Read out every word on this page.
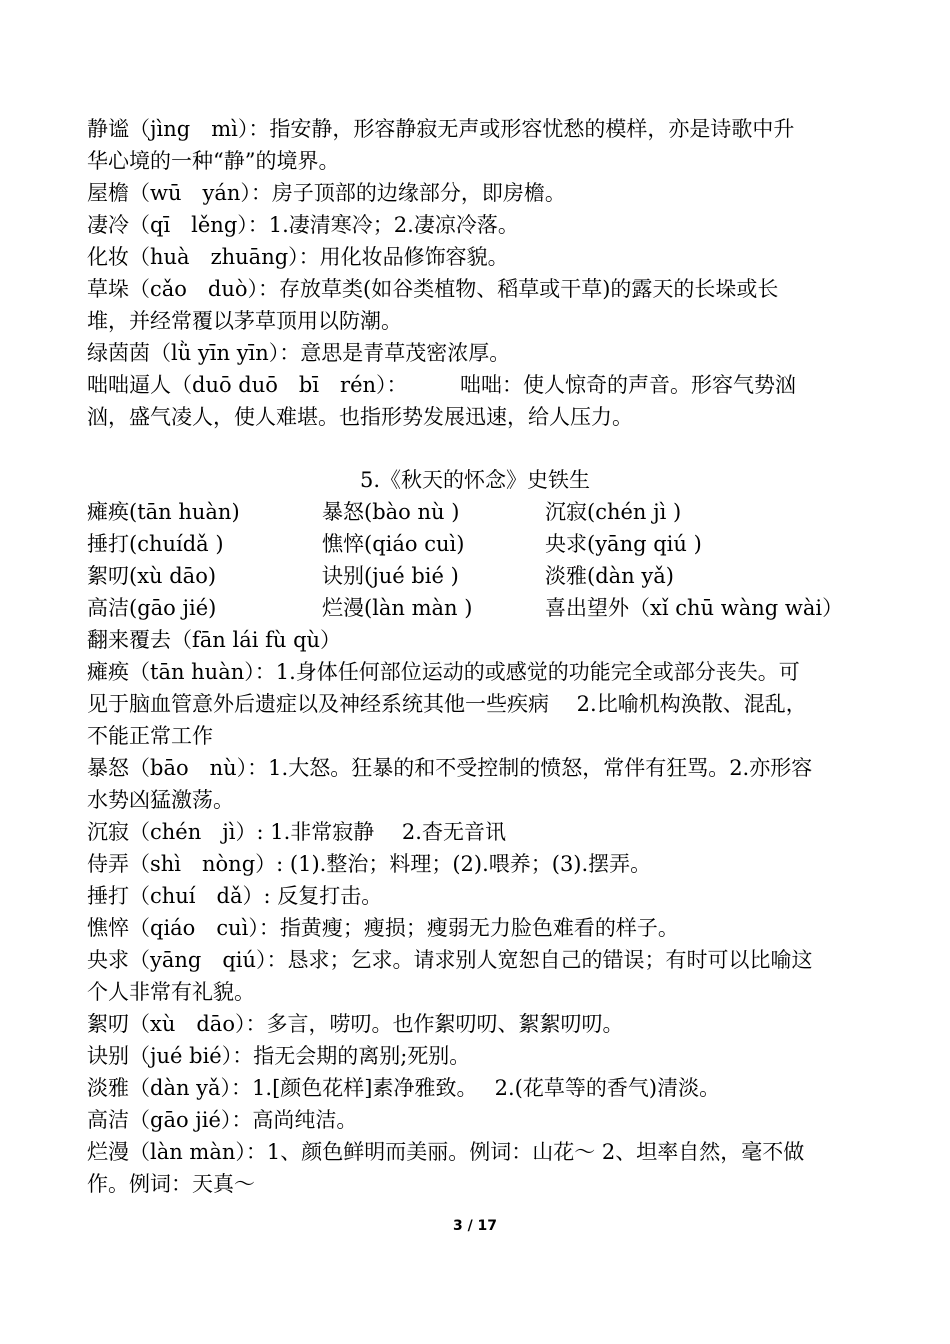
静谧（jìng　mì）：指安静，形容静寂无声或形容忧愁的模样，亦是诗歌中升
华心境的一种“静”的境界。
屋檐（wū　yán）：房子顶部的边缘部分，即房檐。
凄冷（qī　lěng）：1.凄清寒冷；2.凄凉冷落。
化妆（huà　zhuāng）：用化妆品修饰容貌。
草垛（cǎo　duò）：存放草类(如谷类植物、稻草或干草)的露天的长垛或长
堆，并经常覆以茅草顶用以防潮。
绿茵茵（lǜ yīn yīn）：意思是青草茂密浓厚。
咄咄逼人（duō duō　bī　rén）：　　　咄咄：使人惊奇的声音。形容气势汹
汹，盛气凌人，使人难堪。也指形势发展迅速，给人压力。
5.《秋天的怀念》史铁生
瘫痪(tān huàn)	暴怒(bào nù )	沉寂(chén jì )
捶打(chuídǎ )	憔悴(qiáo cuì)	央求(yāng qiú )
絮叨(xù dāo)	诀别(jué bié )	淡雅(dàn yǎ)
高洁(gāo jié)	烂漫(làn màn )	喜出望外（xǐ chū wàng wài）
翻来覆去（fān lái fù qù）
瘫痪（tān huàn）：1.身体任何部位运动的或感觉的功能完全或部分丧失。可
见于脑血管意外后遗症以及神经系统其他一些疾病　 2.比喻机构涣散、混乱，
不能正常工作
暴怒（bāo　nù）：1.大怒。狂暴的和不受控制的愤怒，常伴有狂骂。2.亦形容
水势凶猛激荡。
沉寂（chén　jì）: 1.非常寂静　 2.杳无音讯
侍弄（shì　nòng）: (1).整治；料理；(2).喂养；(3).摆弄。
捶打（chuí　dǎ）: 反复打击。
憔悴（qiáo　cuì）：指黄瘦；瘦损；瘦弱无力脸色难看的样子。
央求（yāng　qiú）：恳求；乞求。请求别人宽恕自己的错误；有时可以比喻这
个人非常有礼貌。
絮叨（xù　dāo）：多言，唠叨。也作絮叨叨、絮絮叨叨。
诀别（jué bié）：指无会期的离别;死别。
淡雅（dàn yǎ）：1.[颜色花样]素净雅致。　 2.(花草等的香气)清淡。
高洁（gāo jié）：高尚纯洁。
烂漫（làn màn）：1、颜色鲜明而美丽。例词：山花～ 2、坦率自然，毫不做
作。例词：天真～
3 / 17
